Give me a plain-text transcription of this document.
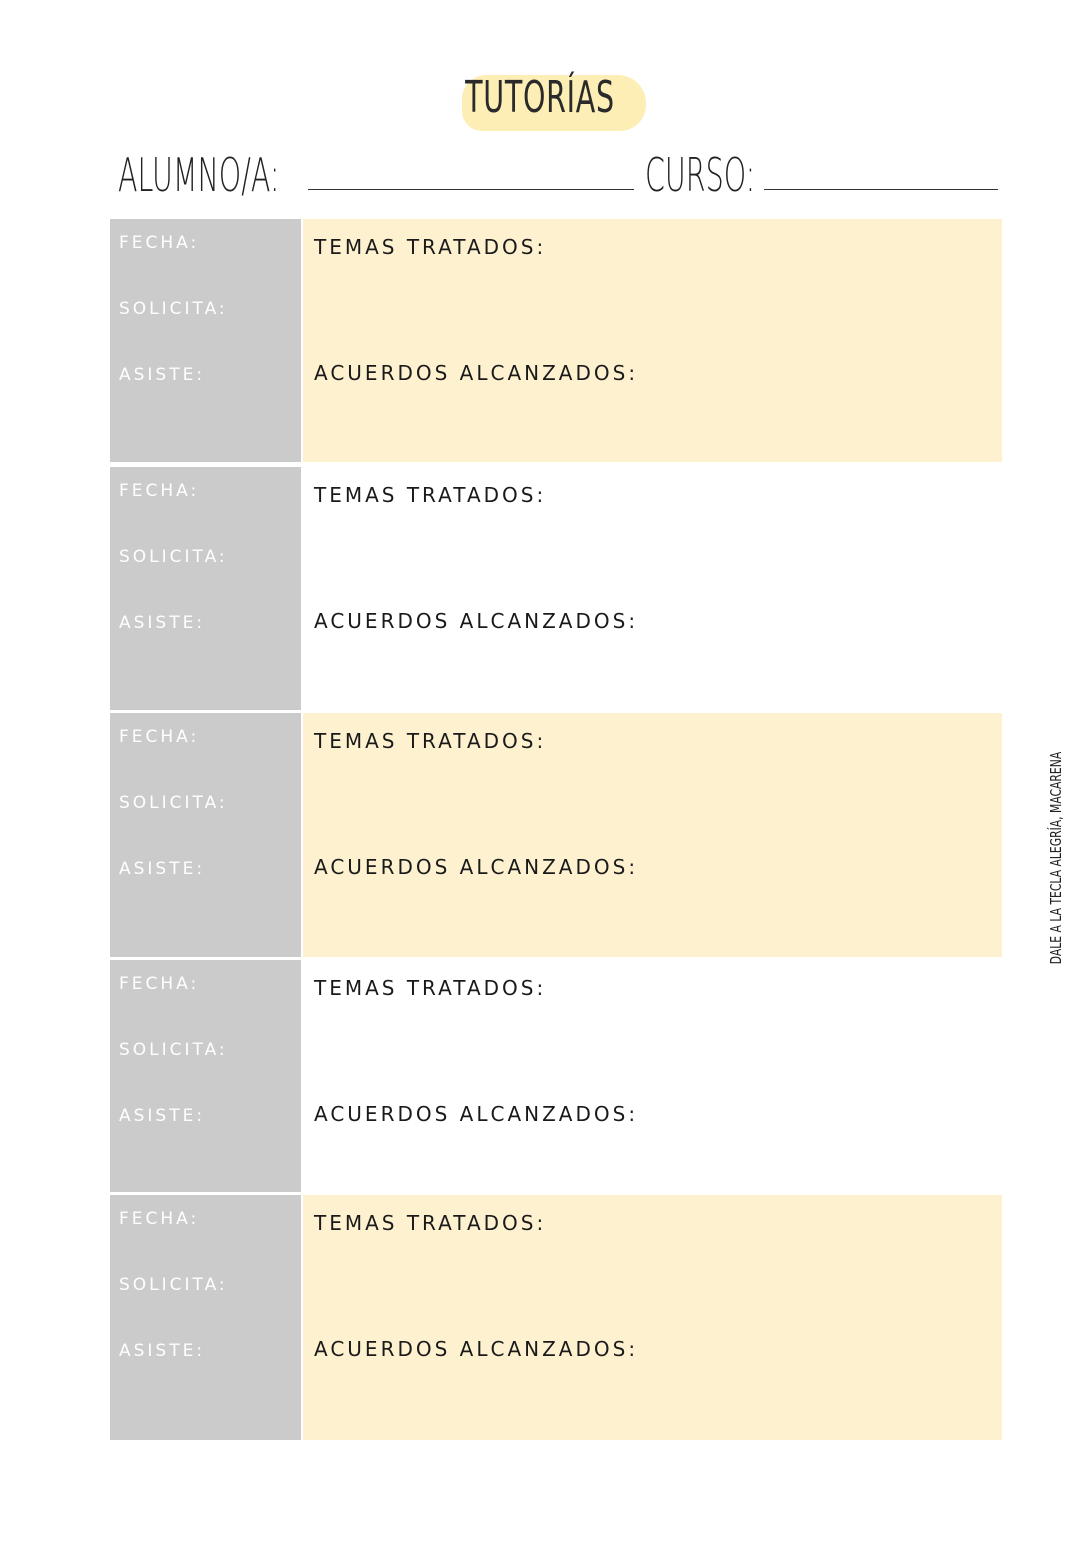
TUTORÍAS
ALUMNO/A:	CURSO:
FECHA:
SOLICITA:
ASISTE:
TEMAS TRATADOS:
ACUERDOS ALCANZADOS:
FECHA:
SOLICITA:
ASISTE:
TEMAS TRATADOS:
ACUERDOS ALCANZADOS:
FECHA:
SOLICITA:
ASISTE:
TEMAS TRATADOS:
ACUERDOS ALCANZADOS:
FECHA:
SOLICITA:
ASISTE:
TEMAS TRATADOS:
ACUERDOS ALCANZADOS:
FECHA:
SOLICITA:
ASISTE:
TEMAS TRATADOS:
ACUERDOS ALCANZADOS:
DALE A LA TECLA ALEGRÍA, MACARENA
